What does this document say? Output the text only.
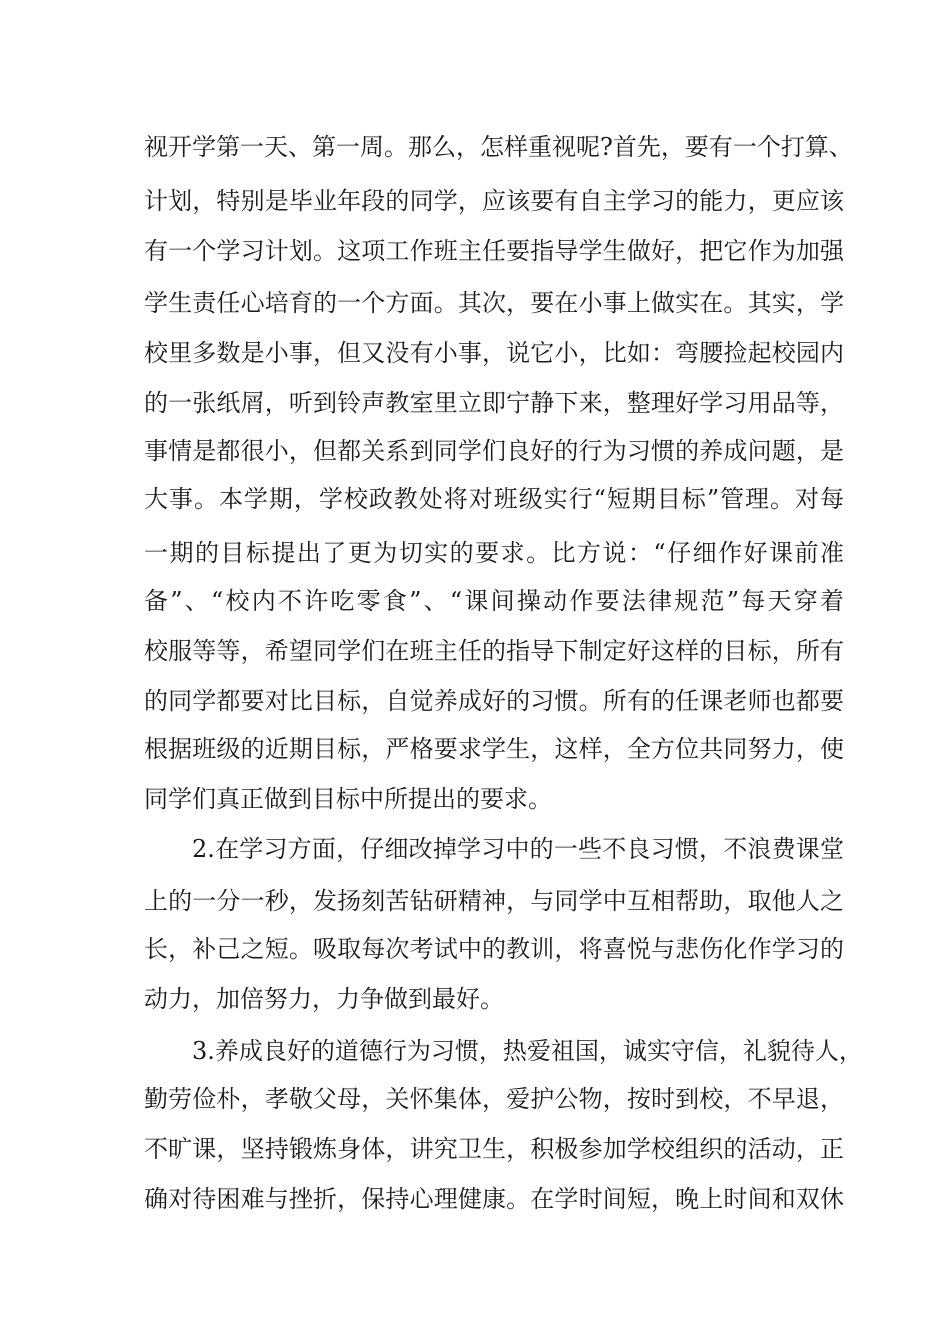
视开学第一天、第一周。那么，怎样重视呢?首先，要有一个打算、
计划，特别是毕业年段的同学，应该要有自主学习的能力，更应该
有一个学习计划。这项工作班主任要指导学生做好，把它作为加强
学生责任心培育的一个方面。其次，要在小事上做实在。其实，学
校里多数是小事，但又没有小事，说它小，比如：弯腰捡起校园内
的一张纸屑，听到铃声教室里立即宁静下来，整理好学习用品等，
事情是都很小，但都关系到同学们良好的行为习惯的养成问题，是
大事。本学期，学校政教处将对班级实行“短期目标”管理。对每
一期的目标提出了更为切实的要求。比方说：“仔细作好课前准
备”、“校内不许吃零食”、“课间操动作要法律规范”每天穿着
校服等等，希望同学们在班主任的指导下制定好这样的目标，所有
的同学都要对比目标，自觉养成好的习惯。所有的任课老师也都要
根据班级的近期目标，严格要求学生，这样，全方位共同努力，使
同学们真正做到目标中所提出的要求。
2.在学习方面，仔细改掉学习中的一些不良习惯，不浪费课堂
上的一分一秒，发扬刻苦钻研精神，与同学中互相帮助，取他人之
长，补己之短。吸取每次考试中的教训，将喜悦与悲伤化作学习的
动力，加倍努力，力争做到最好。
3.养成良好的道德行为习惯，热爱祖国，诚实守信，礼貌待人，
勤劳俭朴，孝敬父母，关怀集体，爱护公物，按时到校，不早退，
不旷课，坚持锻炼身体，讲究卫生，积极参加学校组织的活动，正
确对待困难与挫折，保持心理健康。在学时间短，晚上时间和双休
